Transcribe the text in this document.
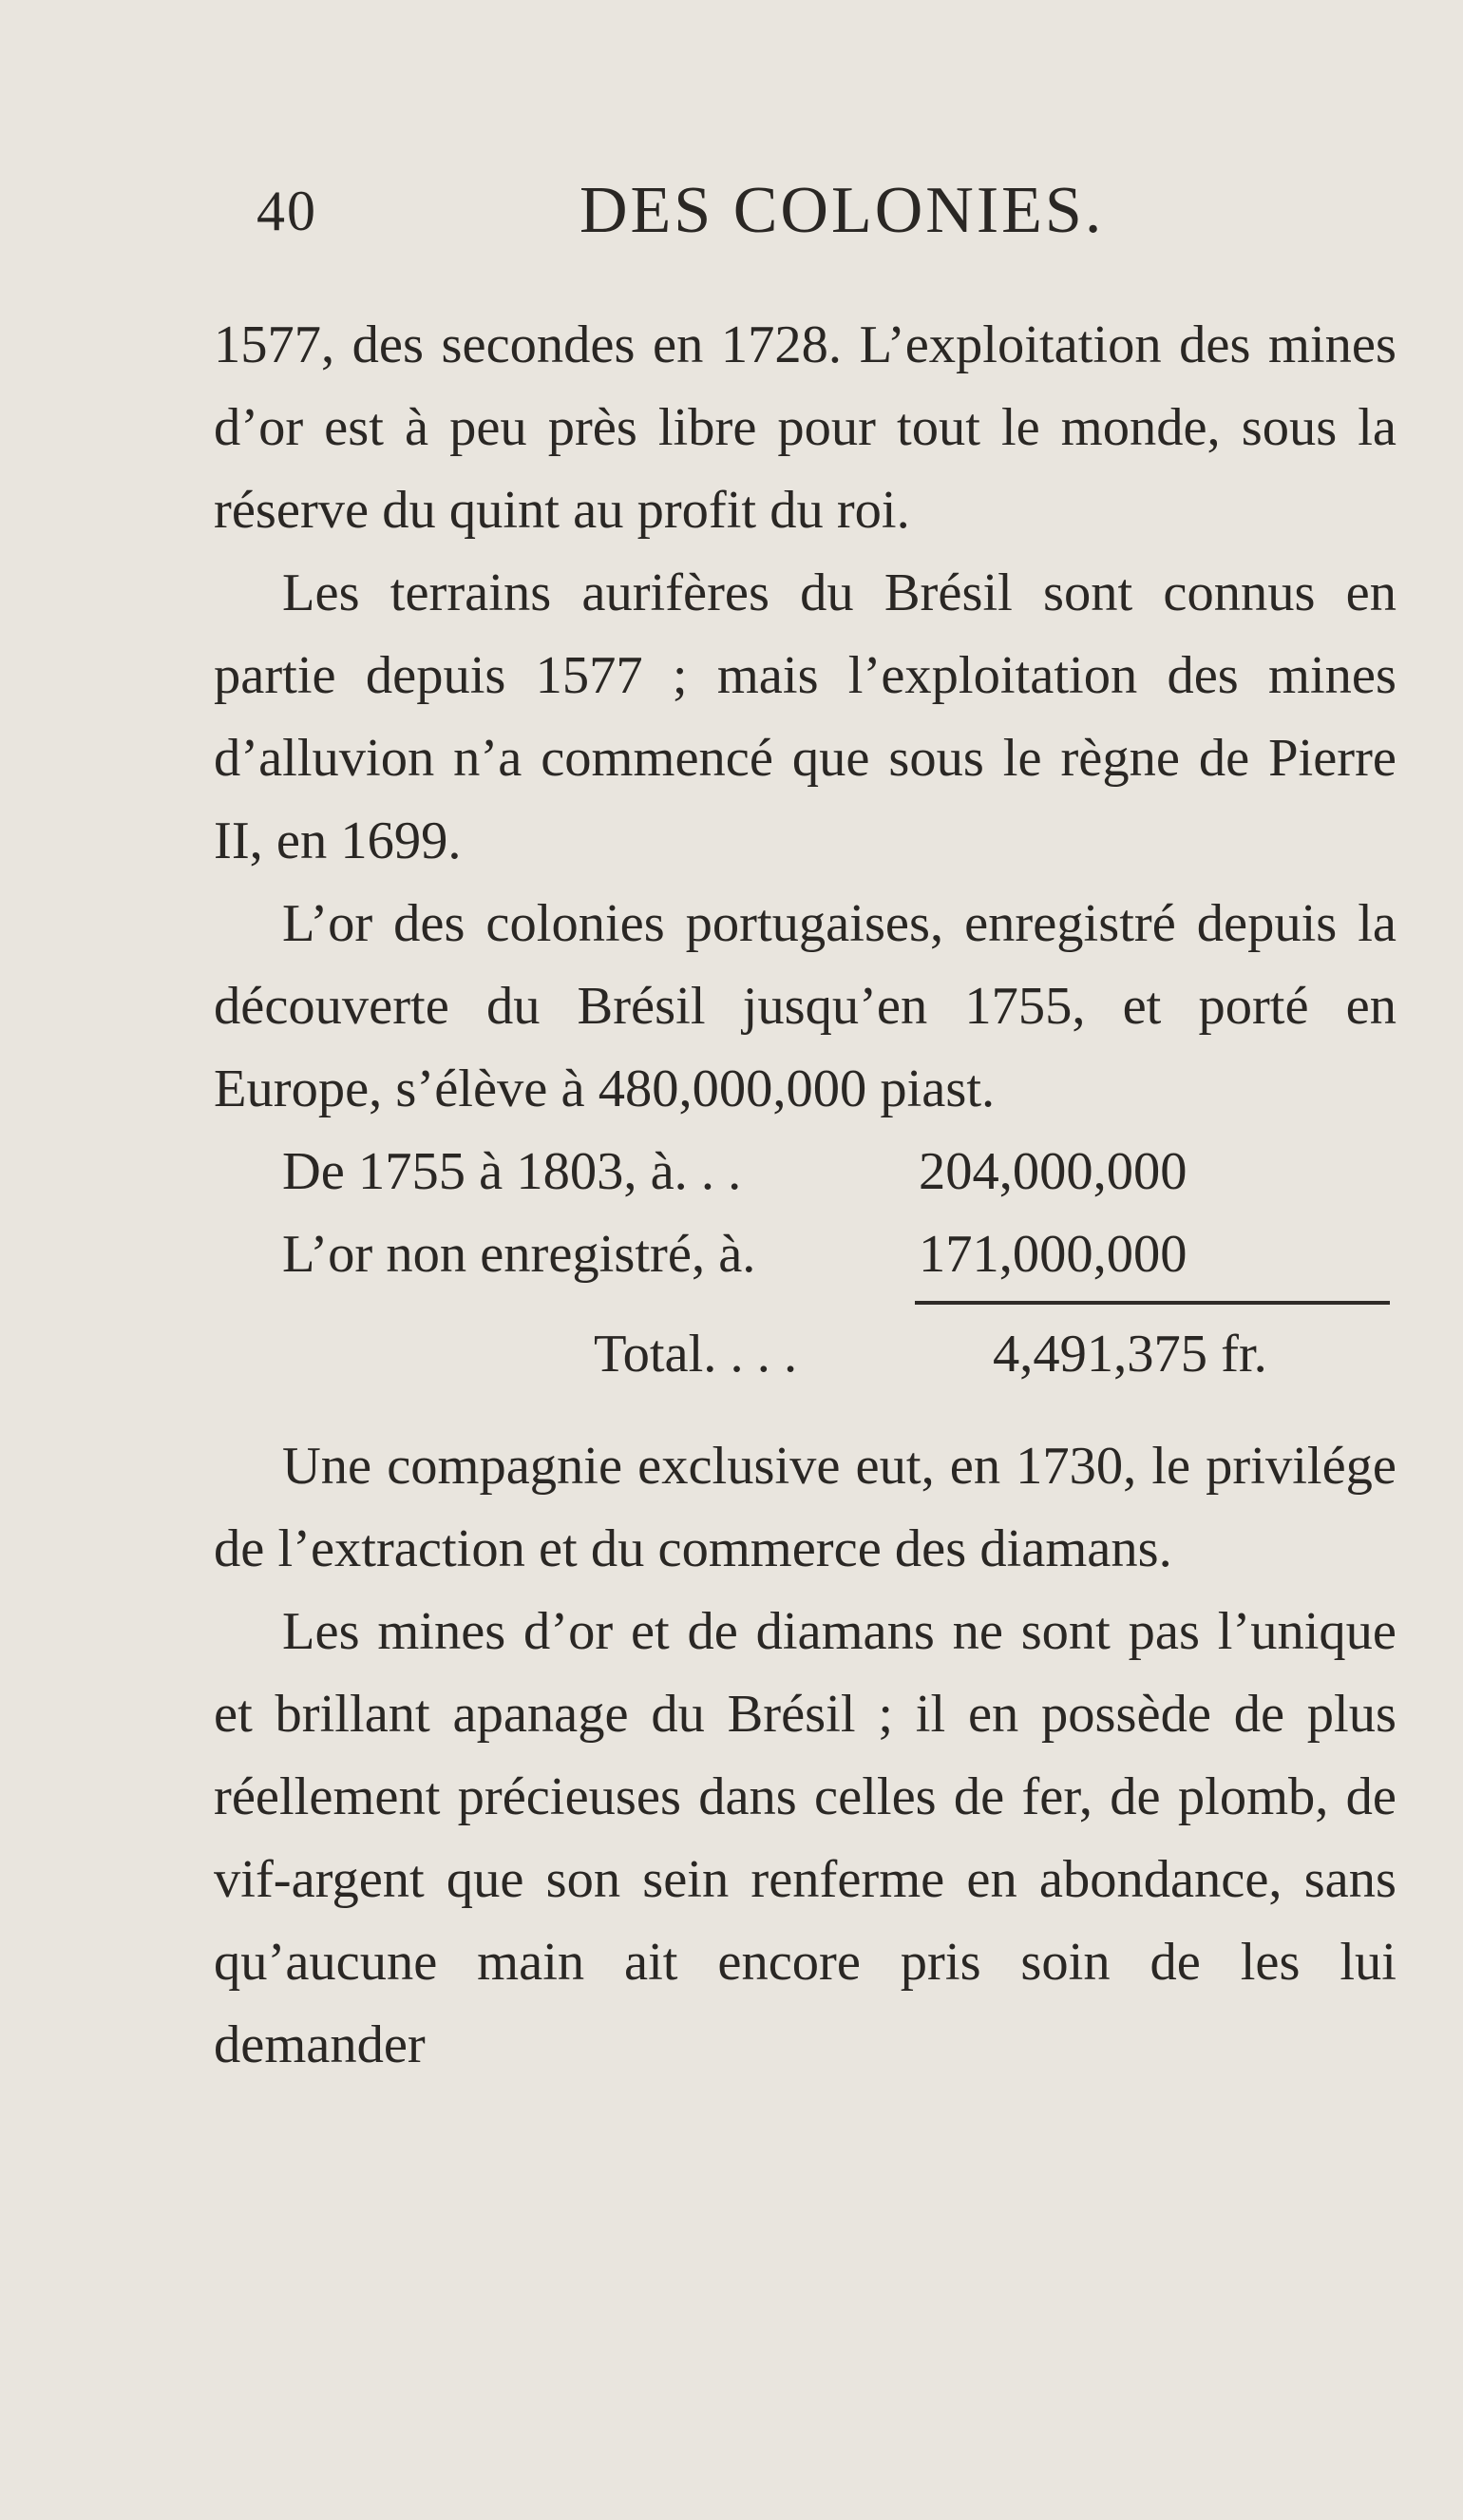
40	DES COLONIES.

1577, des secondes en 1728. L’exploitation des mines d’or est à peu près libre pour tout le monde, sous la réserve du quint au profit du roi.

Les terrains aurifères du Brésil sont connus en partie depuis 1577 ; mais l’exploitation des mines d’alluvion n’a commencé que sous le règne de Pierre II, en 1699.

L’or des colonies portugaises, enregistré depuis la découverte du Brésil jusqu’en 1755, et porté en Europe, s’élève à 480,000,000 piast.

De 1755 à 1803, à. . .	204,000,000
L’or non enregistré, à.	171,000,000
Total. . . .	4,491,375 fr.

Une compagnie exclusive eut, en 1730, le privilége de l’extraction et du commerce des diamans.

Les mines d’or et de diamans ne sont pas l’unique et brillant apanage du Brésil ; il en possède de plus réellement précieuses dans celles de fer, de plomb, de vif-argent que son sein renferme en abondance, sans qu’aucune main ait encore pris soin de les lui demander
